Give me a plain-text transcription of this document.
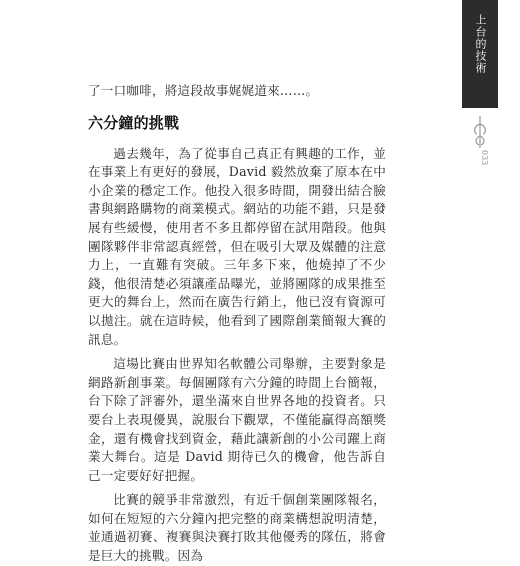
上台的技術
033

了一口咖啡，將這段故事娓娓道來……。

六分鐘的挑戰

過去幾年，為了從事自己真正有興趣的工作，並在事業上有更好的發展，David 毅然放棄了原本在中小企業的穩定工作。他投入很多時間，開發出結合臉書與網路購物的商業模式。網站的功能不錯，只是發展有些緩慢，使用者不多且都停留在試用階段。他與團隊夥伴非常認真經營，但在吸引大眾及媒體的注意力上，一直難有突破。三年多下來，他燒掉了不少錢，他很清楚必須讓產品曝光，並將團隊的成果推至更大的舞台上，然而在廣告行銷上，他已沒有資源可以拋注。就在這時候，他看到了國際創業簡報大賽的訊息。

這場比賽由世界知名軟體公司舉辦，主要對象是網路新創事業。每個團隊有六分鐘的時間上台簡報，台下除了評審外，還坐滿來自世界各地的投資者。只要台上表現優異，說服台下觀眾，不僅能贏得高額獎金，還有機會找到資金，藉此讓新創的小公司躍上商業大舞台。這是 David 期待已久的機會，他告訴自己一定要好好把握。

比賽的競爭非常激烈，有近千個創業團隊報名，如何在短短的六分鐘內把完整的商業構想說明清楚，並通過初賽、複賽與決賽打敗其他優秀的隊伍，將會是巨大的挑戰。因為
